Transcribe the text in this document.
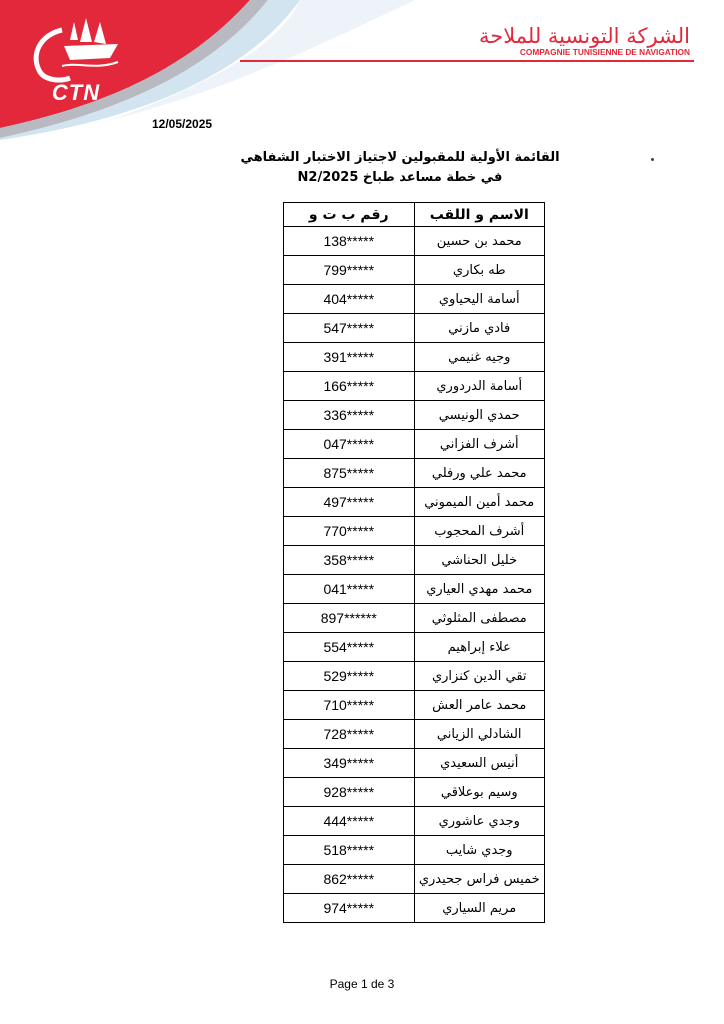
CTN
الشركة التونسية للملاحة
COMPAGNIE TUNISIENNE DE NAVIGATION
12/05/2025
القائمة الأولية للمقبولين لاجتياز الاختبار الشفاهي
في خطة مساعد طباخ N2/2025
رقم ب ت و	الاسم و اللقب
138*****	محمد بن حسين
799*****	طه بكاري
404*****	أسامة اليحياوي
547*****	فادي مازني
391*****	وجيه غنيمي
166*****	أسامة الدردوري
336*****	حمدي الونيسي
047*****	أشرف الفزاني
875*****	محمد علي ورفلي
497*****	محمد أمين الميموني
770*****	أشرف المحجوب
358*****	خليل الحناشي
041*****	محمد مهدي العياري
897******	مصطفى المثلوثي
554*****	علاء إبراهيم
529*****	تقي الدين كنزاري
710*****	محمد عامر العش
728*****	الشادلي الزياني
349*****	أنيس السعيدي
928*****	وسيم بوعلاقي
444*****	وجدي عاشوري
518*****	وجدي شايب
862*****	خميس فراس جحيدري
974*****	مريم السياري
Page 1 de 3
